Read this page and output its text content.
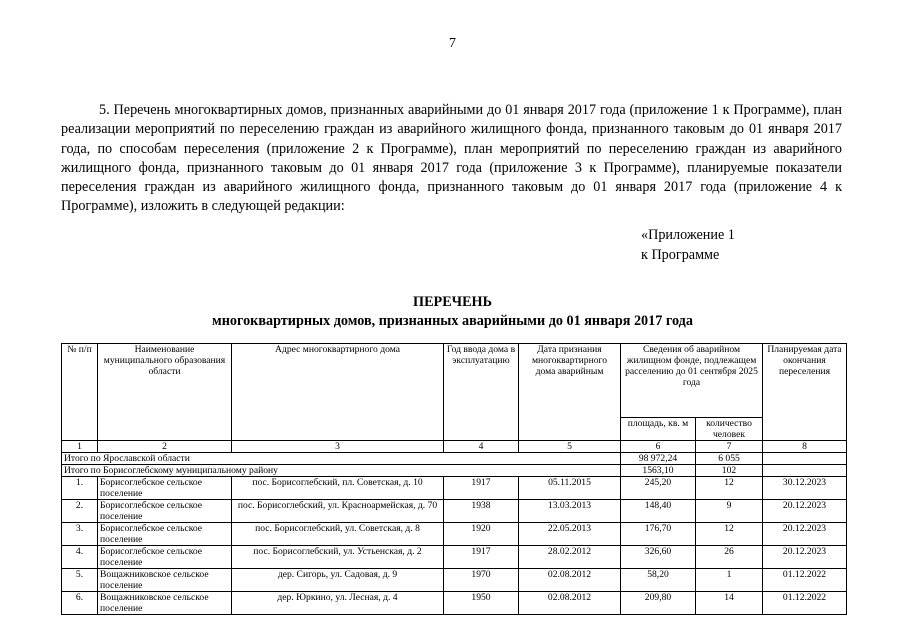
7

5. Перечень многоквартирных домов, признанных аварийными до 01 января 2017 года (приложение 1 к Программе), план реализации мероприятий по переселению граждан из аварийного жилищного фонда, признанного таковым до 01 января 2017 года, по способам переселения (приложение 2 к Программе), план мероприятий по переселению граждан из аварийного жилищного фонда, признанного таковым до 01 января 2017 года (приложение 3 к Программе), планируемые показатели переселения граждан из аварийного жилищного фонда, признанного таковым до 01 января 2017 года (приложение 4 к Программе), изложить в следующей редакции:

«Приложение 1
к Программе
ПЕРЕЧЕНЬ
многоквартирных домов, признанных аварийными до 01 января 2017 года
№ п/п	Наименование муниципального образования области	Адрес многоквартирного дома	Год ввода дома в эксплуатацию	Дата признания многоквартирного дома аварийным	Сведения об аварийном жилищном фонде, подлежащем расселению до 01 сентября 2025 года		Планируемая дата окончания переселения
					площадь, кв. м	количество человек	
1	2	3	4	5	6	7	8
Итого по Ярославской области					98 972,24	6 055	
Итого по Борисоглебскому муниципальному району					1563,10	102	
1.	Борисоглебское сельское поселение	пос. Борисоглебский, пл. Советская, д. 10	1917	05.11.2015	245,20	12	30.12.2023
2.	Борисоглебское сельское поселение	пос. Борисоглебский, ул. Красноармейская, д. 70	1938	13.03.2013	148,40	9	20.12.2023
3.	Борисоглебское сельское поселение	пос. Борисоглебский, ул. Советская, д. 8	1920	22.05.2013	176,70	12	20.12.2023
4.	Борисоглебское сельское поселение	пос. Борисоглебский, ул. Устьенская, д. 2	1917	28.02.2012	326,60	26	20.12.2023
5.	Вощажниковское сельское поселение	дер. Сигорь, ул. Садовая, д. 9	1970	02.08.2012	58,20	1	01.12.2022
6.	Вощажниковское сельское поселение	дер. Юркино, ул. Лесная, д. 4	1950	02.08.2012	209,80	14	01.12.2022
